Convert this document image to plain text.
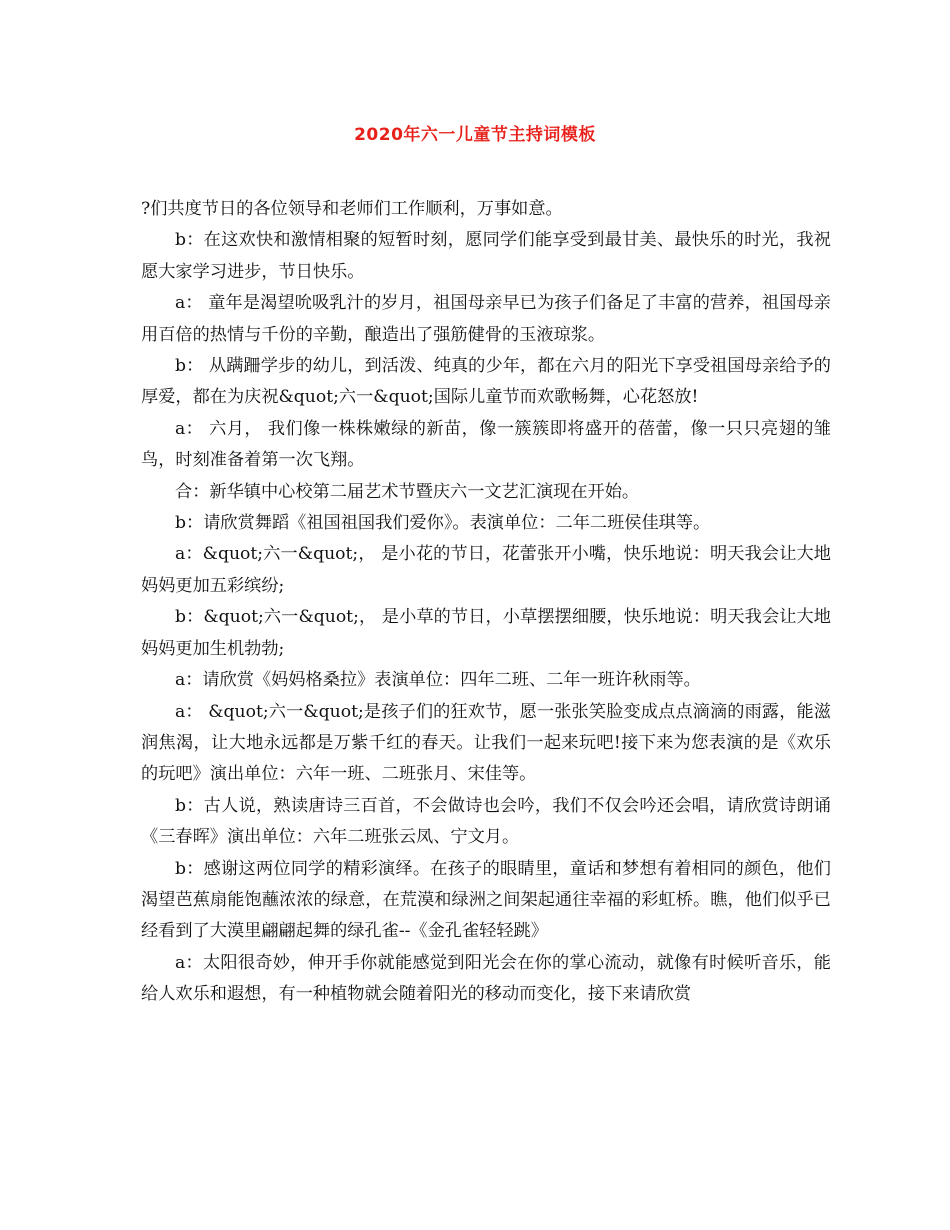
2020年六一儿童节主持词模板

?们共度节日的各位领导和老师们工作顺利，万事如意。

b：在这欢快和激情相聚的短暂时刻，愿同学们能享受到最甘美、最快乐的时光，我祝愿大家学习进步，节日快乐。

a： 童年是渴望吮吸乳汁的岁月，祖国母亲早已为孩子们备足了丰富的营养，祖国母亲用百倍的热情与千份的辛勤，酿造出了强筋健骨的玉液琼浆。

b： 从蹒跚学步的幼儿，到活泼、纯真的少年，都在六月的阳光下享受祖国母亲给予的厚爱，都在为庆祝&quot;六一&quot;国际儿童节而欢歌畅舞，心花怒放!

a： 六月， 我们像一株株嫩绿的新苗，像一簇簇即将盛开的蓓蕾，像一只只亮翅的雏鸟，时刻准备着第一次飞翔。

合：新华镇中心校第二届艺术节暨庆六一文艺汇演现在开始。

b：请欣赏舞蹈《祖国祖国我们爱你》。表演单位：二年二班侯佳琪等。

a：&quot;六一&quot;， 是小花的节日，花蕾张开小嘴，快乐地说：明天我会让大地妈妈更加五彩缤纷;

b：&quot;六一&quot;， 是小草的节日，小草摆摆细腰，快乐地说：明天我会让大地妈妈更加生机勃勃;

a：请欣赏《妈妈格桑拉》表演单位：四年二班、二年一班许秋雨等。

a： &quot;六一&quot;是孩子们的狂欢节，愿一张张笑脸变成点点滴滴的雨露，能滋润焦渴，让大地永远都是万紫千红的春天。让我们一起来玩吧!接下来为您表演的是《欢乐的玩吧》演出单位：六年一班、二班张月、宋佳等。

b：古人说，熟读唐诗三百首，不会做诗也会吟，我们不仅会吟还会唱，请欣赏诗朗诵《三春晖》演出单位：六年二班张云凤、宁文月。

b：感谢这两位同学的精彩演绎。在孩子的眼睛里，童话和梦想有着相同的颜色，他们渴望芭蕉扇能饱蘸浓浓的绿意，在荒漠和绿洲之间架起通往幸福的彩虹桥。瞧，他们似乎已经看到了大漠里翩翩起舞的绿孔雀--《金孔雀轻轻跳》

a：太阳很奇妙，伸开手你就能感觉到阳光会在你的掌心流动，就像有时候听音乐，能给人欢乐和遐想，有一种植物就会随着阳光的移动而变化，接下来请欣赏
